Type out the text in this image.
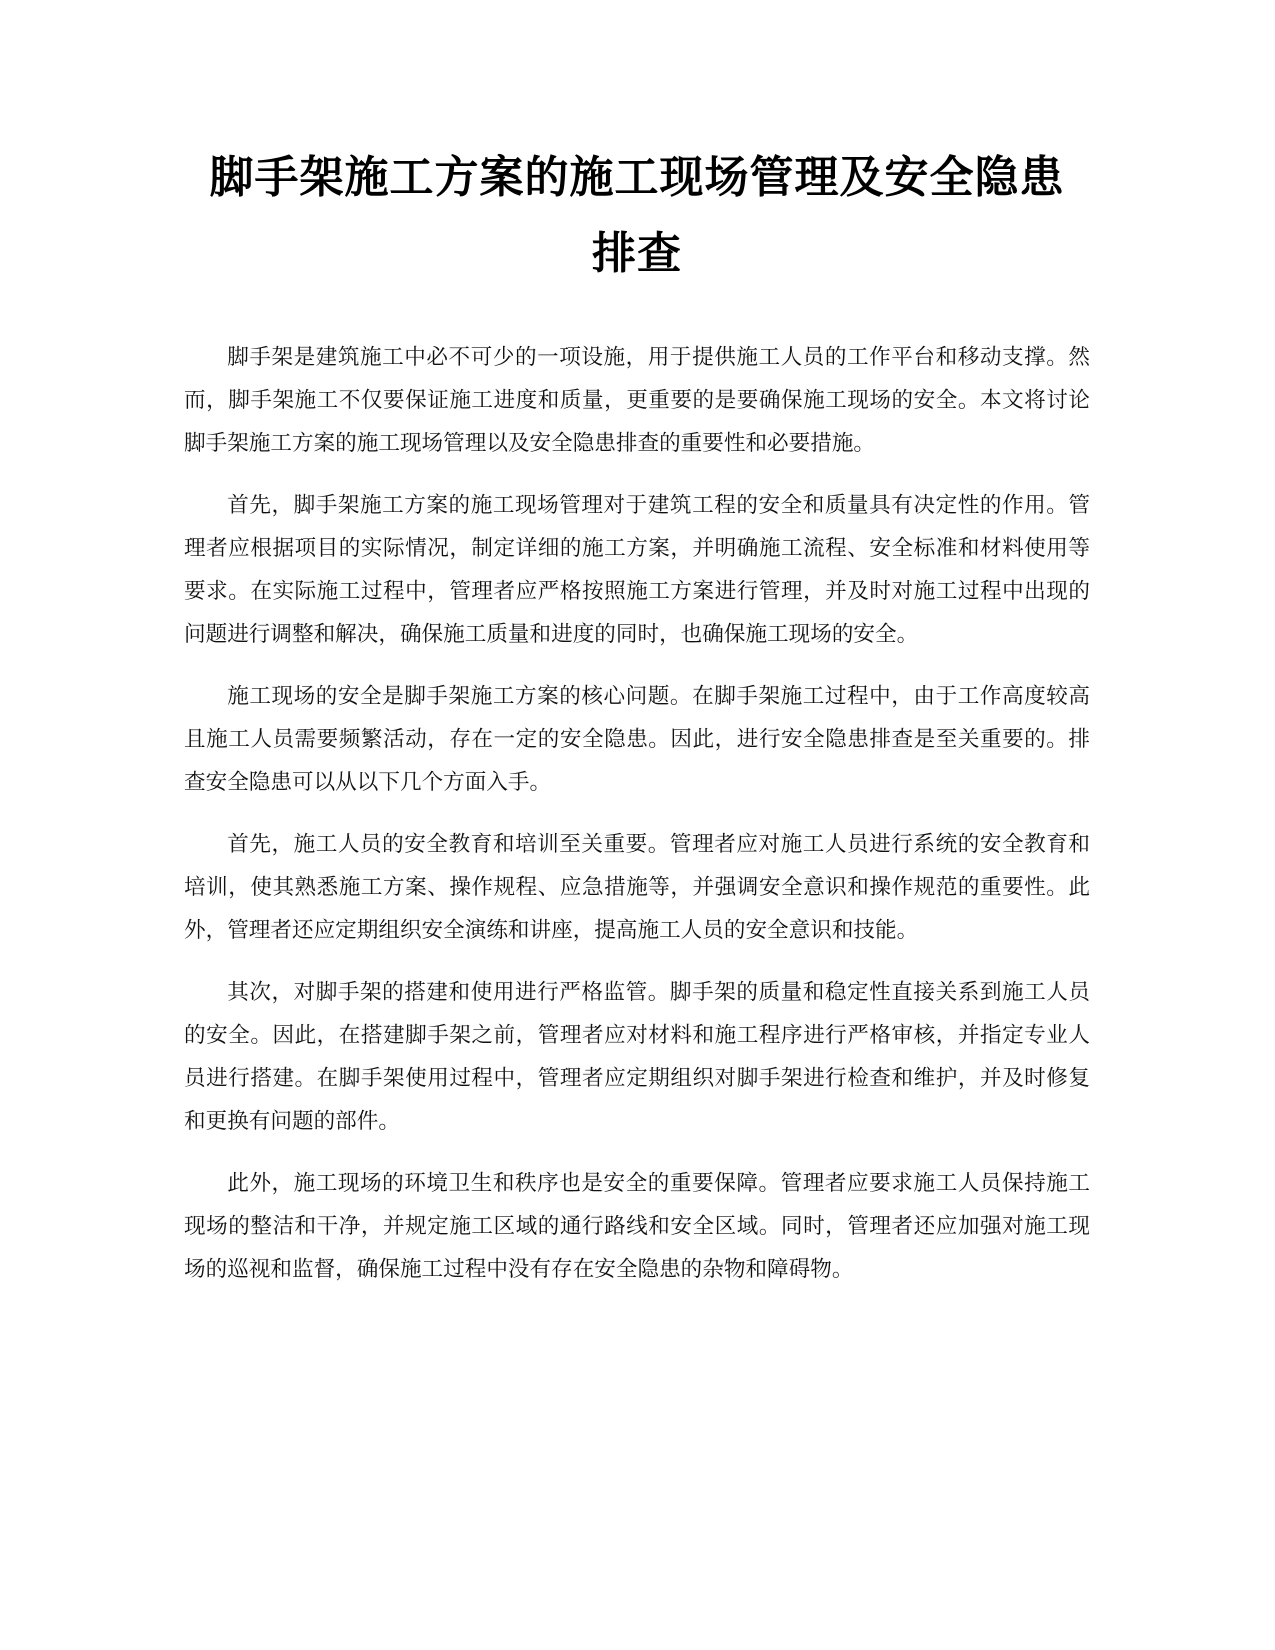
脚手架施工方案的施工现场管理及安全隐患
排查

脚手架是建筑施工中必不可少的一项设施，用于提供施工人员的工作平台和移动支撑。然而，脚手架施工不仅要保证施工进度和质量，更重要的是要确保施工现场的安全。本文将讨论脚手架施工方案的施工现场管理以及安全隐患排查的重要性和必要措施。

首先，脚手架施工方案的施工现场管理对于建筑工程的安全和质量具有决定性的作用。管理者应根据项目的实际情况，制定详细的施工方案，并明确施工流程、安全标准和材料使用等要求。在实际施工过程中，管理者应严格按照施工方案进行管理，并及时对施工过程中出现的问题进行调整和解决，确保施工质量和进度的同时，也确保施工现场的安全。

施工现场的安全是脚手架施工方案的核心问题。在脚手架施工过程中，由于工作高度较高且施工人员需要频繁活动，存在一定的安全隐患。因此，进行安全隐患排查是至关重要的。排查安全隐患可以从以下几个方面入手。

首先，施工人员的安全教育和培训至关重要。管理者应对施工人员进行系统的安全教育和培训，使其熟悉施工方案、操作规程、应急措施等，并强调安全意识和操作规范的重要性。此外，管理者还应定期组织安全演练和讲座，提高施工人员的安全意识和技能。

其次，对脚手架的搭建和使用进行严格监管。脚手架的质量和稳定性直接关系到施工人员的安全。因此，在搭建脚手架之前，管理者应对材料和施工程序进行严格审核，并指定专业人员进行搭建。在脚手架使用过程中，管理者应定期组织对脚手架进行检查和维护，并及时修复和更换有问题的部件。

此外，施工现场的环境卫生和秩序也是安全的重要保障。管理者应要求施工人员保持施工现场的整洁和干净，并规定施工区域的通行路线和安全区域。同时，管理者还应加强对施工现场的巡视和监督，确保施工过程中没有存在安全隐患的杂物和障碍物。
